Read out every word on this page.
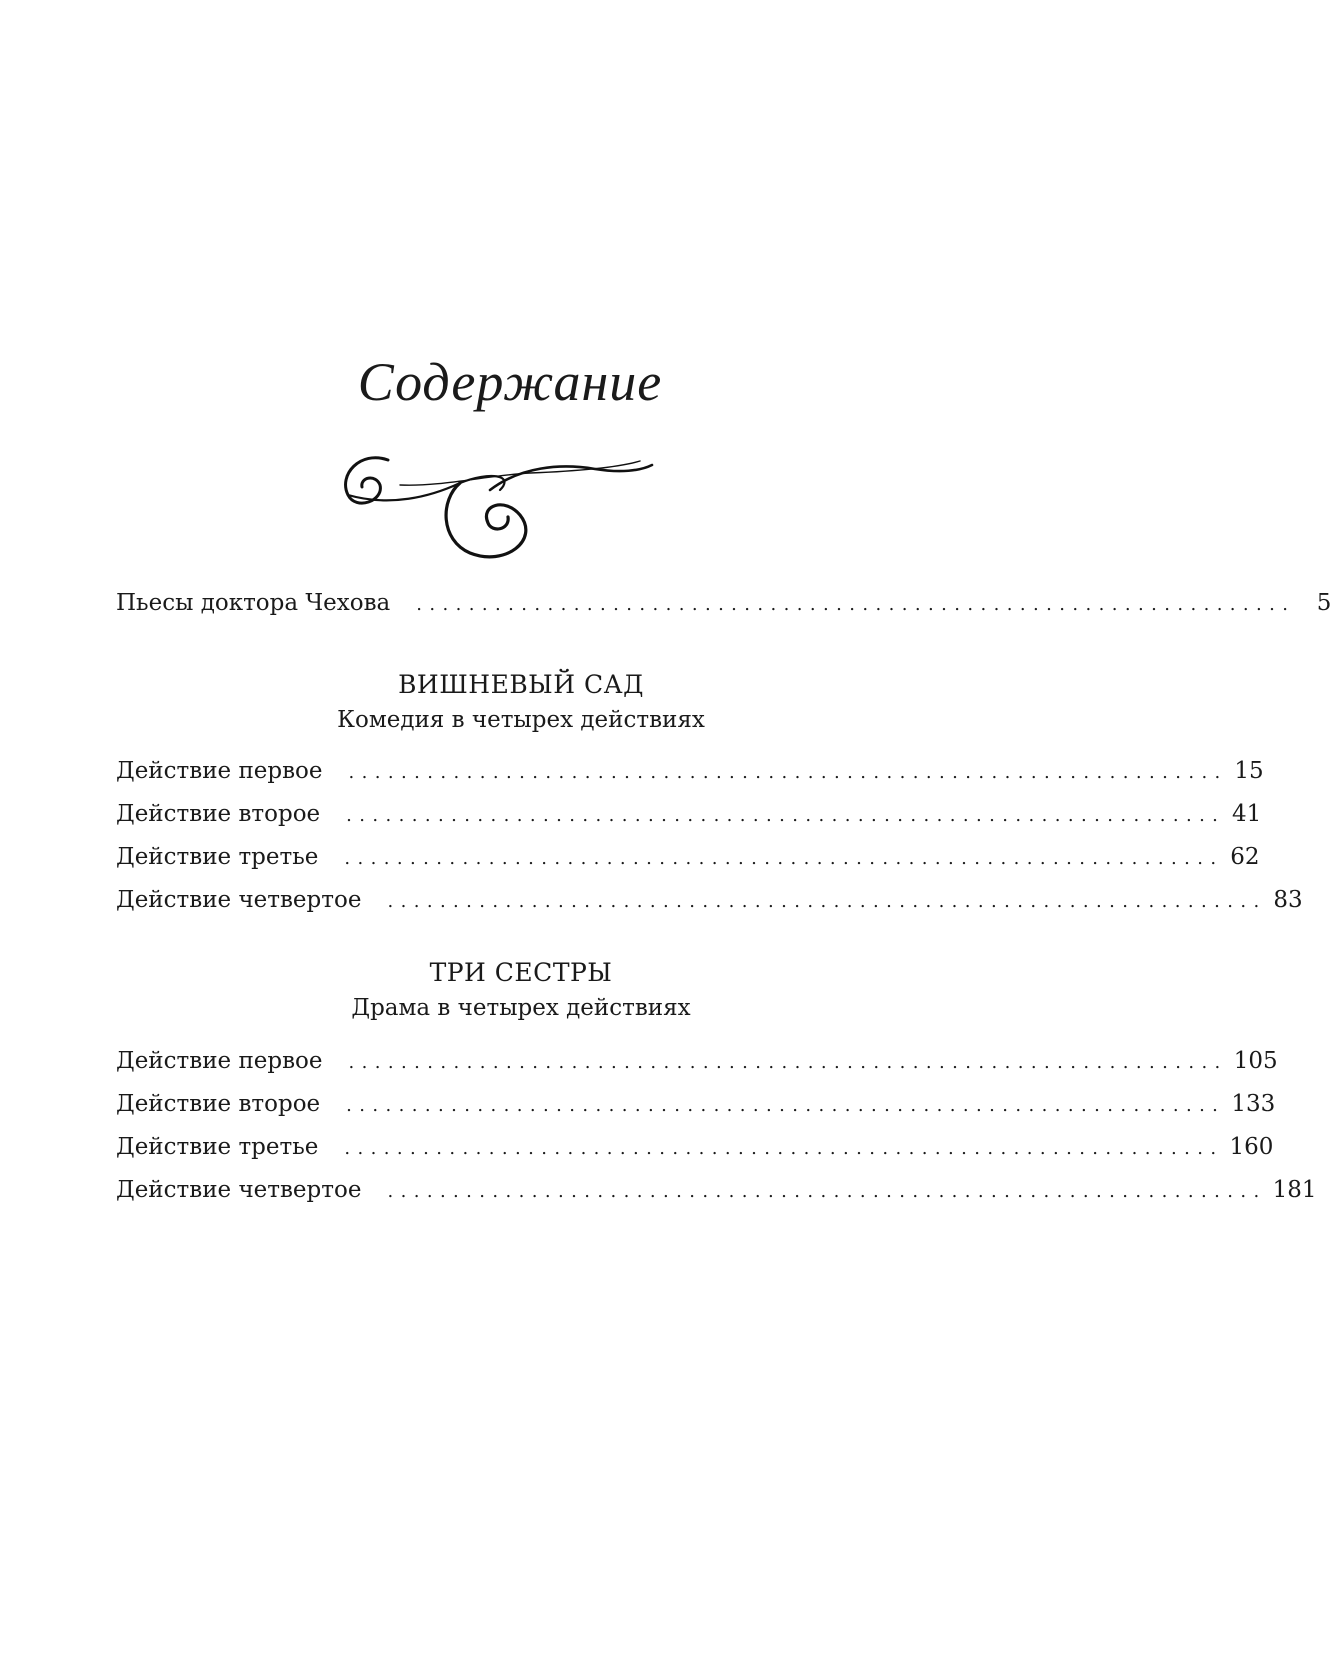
Содержание
Пьесы доктора Чехова ................................................................... 5
ВИШНЕВЫЙ САД
Комедия в четырех действиях
Действие первое ................................................................... 15
Действие второе ................................................................... 41
Действие третье ................................................................... 62
Действие четвертое ................................................................... 83
ТРИ СЕСТРЫ
Драма в четырех действиях
Действие первое ................................................................... 105
Действие второе ................................................................... 133
Действие третье ................................................................... 160
Действие четвертое ................................................................... 181
